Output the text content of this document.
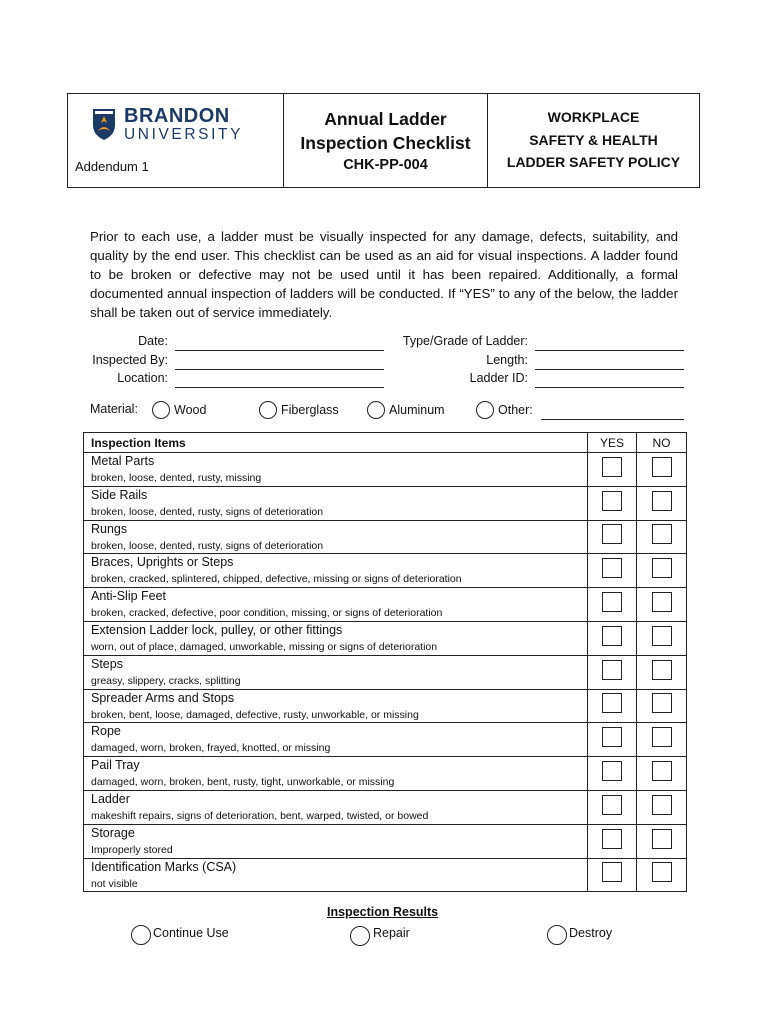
BRANDON
UNIVERSITY
Addendum 1
Annual Ladder
Inspection Checklist
CHK-PP-004
WORKPLACE
SAFETY & HEALTH
LADDER SAFETY POLICY
Prior to each use, a ladder must be visually inspected for any damage, defects, suitability, and quality by the end user. This checklist can be used as an aid for visual inspections. A ladder found to be broken or defective may not be used until it has been repaired. Additionally, a formal documented annual inspection of ladders will be conducted. If “YES” to any of the below, the ladder shall be taken out of service immediately.
Date:
Inspected By:
Location:
Type/Grade of Ladder:
Length:
Ladder ID:
Material:	Wood	Fiberglass	Aluminum	Other:
Inspection Items	YES	NO

Metal Parts
broken, loose, dented, rusty, missing		

Side Rails
broken, loose, dented, rusty, signs of deterioration		

Rungs
broken, loose, dented, rusty, signs of deterioration		

Braces, Uprights or Steps
broken, cracked, splintered, chipped, defective, missing or signs of deterioration		

Anti-Slip Feet
broken, cracked, defective, poor condition, missing, or signs of deterioration		

Extension Ladder lock, pulley, or other fittings
worn, out of place, damaged, unworkable, missing or signs of deterioration		

Steps
greasy, slippery, cracks, splitting		

Spreader Arms and Stops
broken, bent, loose, damaged, defective, rusty, unworkable, or missing		

Rope
damaged, worn, broken, frayed, knotted, or missing		

Pail Tray
damaged, worn, broken, bent, rusty, tight, unworkable, or missing		

Ladder
makeshift repairs, signs of deterioration, bent, warped, twisted, or bowed		

Storage
Improperly stored		

Identification Marks (CSA)
not visible		

Inspection Results
Continue Use	Repair	Destroy
